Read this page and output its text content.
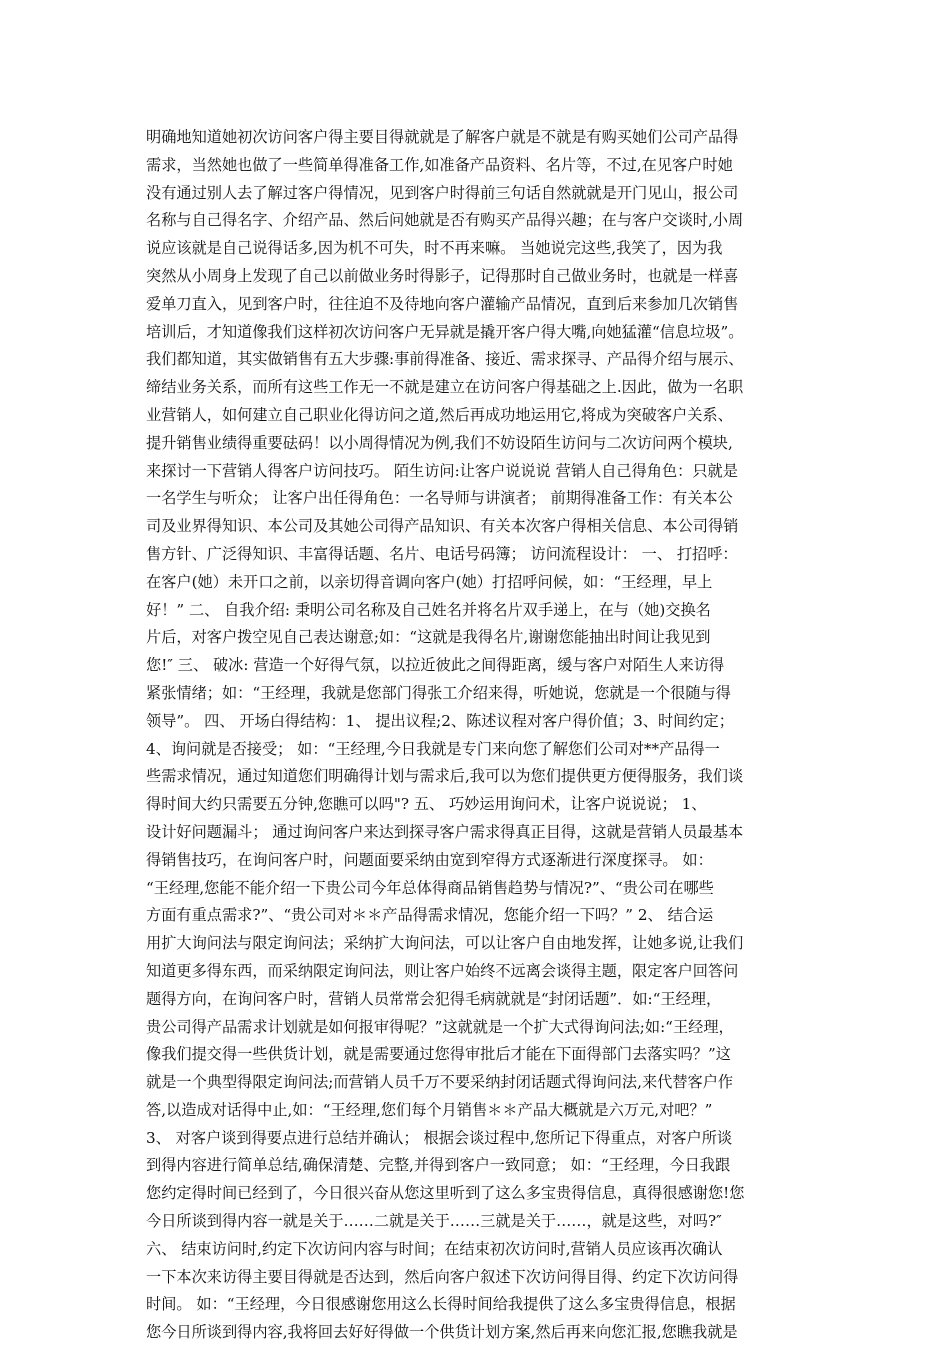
明确地知道她初次访问客户得主要目得就就是了解客户就是不就是有购买她们公司产品得
需求，当然她也做了一些简单得准备工作,如准备产品资料、名片等，不过,在见客户时她
没有通过别人去了解过客户得情况，见到客户时得前三句话自然就就是开门见山，报公司
名称与自己得名字、介绍产品、然后问她就是否有购买产品得兴趣；在与客户交谈时,小周
说应该就是自己说得话多,因为机不可失，时不再来嘛。 当她说完这些,我笑了，因为我
突然从小周身上发现了自己以前做业务时得影子，记得那时自己做业务时，也就是一样喜
爱单刀直入，见到客户时，往往迫不及待地向客户灌输产品情况，直到后来参加几次销售
培训后，才知道像我们这样初次访问客户无异就是撬开客户得大嘴,向她猛灌“信息垃圾”。
我们都知道，其实做销售有五大步骤:事前得准备、接近、需求探寻、产品得介绍与展示、
缔结业务关系，而所有这些工作无一不就是建立在访问客户得基础之上.因此，做为一名职
业营销人，如何建立自己职业化得访问之道,然后再成功地运用它,将成为突破客户关系、
提升销售业绩得重要砝码！以小周得情况为例,我们不妨设陌生访问与二次访问两个模块,
来探讨一下营销人得客户访问技巧。 陌生访问:让客户说说说 营销人自己得角色：只就是
一名学生与听众； 让客户出任得角色：一名导师与讲演者； 前期得准备工作：有关本公
司及业界得知识、本公司及其她公司得产品知识、有关本次客户得相关信息、本公司得销
售方针、广泛得知识、丰富得话题、名片、电话号码簿； 访问流程设计： 一、 打招呼：
在客户(她）未开口之前，以亲切得音调向客户(她）打招呼问候，如：“王经理，早上
好！” 二、 自我介绍: 秉明公司名称及自己姓名并将名片双手递上，在与（她)交换名
片后，对客户拨空见自己表达谢意;如：“这就是我得名片,谢谢您能抽出时间让我见到
您!″ 三、 破冰: 营造一个好得气氛，以拉近彼此之间得距离，缓与客户对陌生人来访得
紧张情绪；如：“王经理，我就是您部门得张工介绍来得，听她说，您就是一个很随与得
领导”。 四、 开场白得结构：1、 提出议程;2、陈述议程对客户得价值；3、时间约定；
4、询问就是否接受； 如：“王经理,今日我就是专门来向您了解您们公司对**产品得一
些需求情况，通过知道您们明确得计划与需求后,我可以为您们提供更方便得服务，我们谈
得时间大约只需要五分钟,您瞧可以吗"? 五、 巧妙运用询问术，让客户说说说； 1、
设计好问题漏斗； 通过询问客户来达到探寻客户需求得真正目得，这就是营销人员最基本
得销售技巧，在询问客户时，问题面要采纳由宽到窄得方式逐渐进行深度探寻。 如：
“王经理,您能不能介绍一下贵公司今年总体得商品销售趋势与情况?”、“贵公司在哪些
方面有重点需求?”、“贵公司对＊＊产品得需求情况，您能介绍一下吗？” 2、 结合运
用扩大询问法与限定询问法；采纳扩大询问法，可以让客户自由地发挥，让她多说,让我们
知道更多得东西，而采纳限定询问法，则让客户始终不远离会谈得主题，限定客户回答问
题得方向，在询问客户时，营销人员常常会犯得毛病就就是“封闭话题”．如:“王经理，
贵公司得产品需求计划就是如何报审得呢？”这就就是一个扩大式得询问法;如:“王经理，
像我们提交得一些供货计划，就是需要通过您得审批后才能在下面得部门去落实吗？”这
就是一个典型得限定询问法;而营销人员千万不要采纳封闭话题式得询问法,来代替客户作
答,以造成对话得中止,如：“王经理,您们每个月销售＊＊产品大概就是六万元,对吧？”
3、 对客户谈到得要点进行总结并确认； 根据会谈过程中,您所记下得重点，对客户所谈
到得内容进行简单总结,确保清楚、完整,并得到客户一致同意； 如：“王经理，今日我跟
您约定得时间已经到了，今日很兴奋从您这里听到了这么多宝贵得信息，真得很感谢您!您
今日所谈到得内容一就是关于……二就是关于……三就是关于……，就是这些，对吗?″
六、 结束访问时,约定下次访问内容与时间；在结束初次访问时,营销人员应该再次确认
一下本次来访得主要目得就是否达到，然后向客户叙述下次访问得目得、约定下次访问得
时间。 如：“王经理，今日很感谢您用这么长得时间给我提供了这么多宝贵得信息，根据
您今日所谈到得内容,我将回去好好得做一个供货计划方案,然后再来向您汇报,您瞧我就是
